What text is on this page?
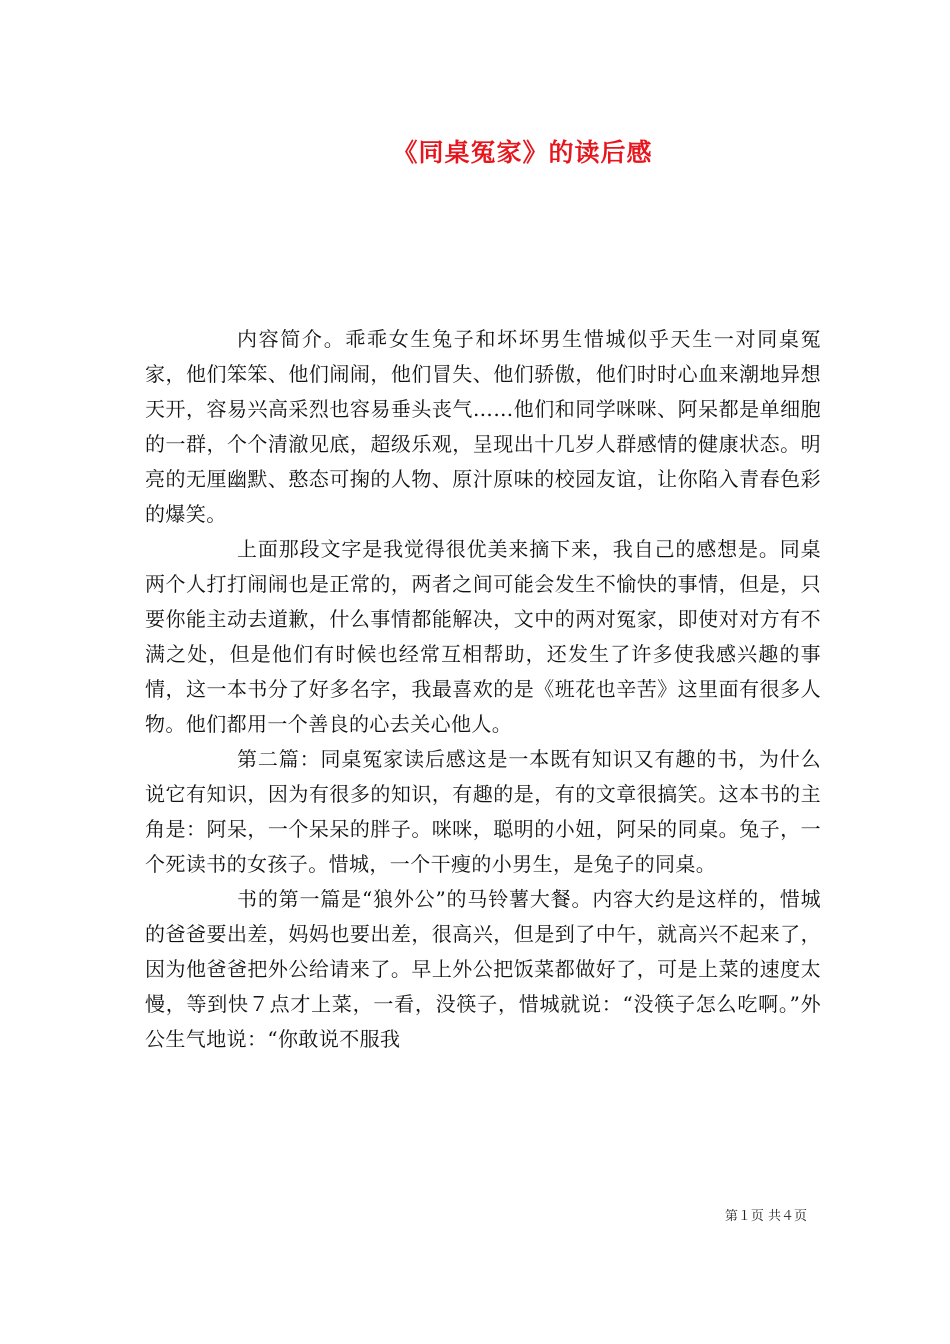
《同桌冤家》的读后感

内容简介。乖乖女生兔子和坏坏男生惜城似乎天生一对同桌冤家，他们笨笨、他们闹闹，他们冒失、他们骄傲，他们时时心血来潮地异想天开，容易兴高采烈也容易垂头丧气……他们和同学咪咪、阿呆都是单细胞的一群，个个清澈见底，超级乐观，呈现出十几岁人群感情的健康状态。明亮的无厘幽默、憨态可掬的人物、原汁原味的校园友谊，让你陷入青春色彩的爆笑。

上面那段文字是我觉得很优美来摘下来，我自己的感想是。同桌两个人打打闹闹也是正常的，两者之间可能会发生不愉快的事情，但是，只要你能主动去道歉，什么事情都能解决，文中的两对冤家，即使对对方有不满之处，但是他们有时候也经常互相帮助，还发生了许多使我感兴趣的事情，这一本书分了好多名字，我最喜欢的是《班花也辛苦》这里面有很多人物。他们都用一个善良的心去关心他人。

第二篇：同桌冤家读后感这是一本既有知识又有趣的书，为什么说它有知识，因为有很多的知识，有趣的是，有的文章很搞笑。这本书的主角是：阿呆，一个呆呆的胖子。咪咪，聪明的小妞，阿呆的同桌。兔子，一个死读书的女孩子。惜城，一个干瘦的小男生，是兔子的同桌。

书的第一篇是“狼外公”的马铃薯大餐。内容大约是这样的，惜城的爸爸要出差，妈妈也要出差，很高兴，但是到了中午，就高兴不起来了，因为他爸爸把外公给请来了。早上外公把饭菜都做好了，可是上菜的速度太慢，等到快７点才上菜，一看，没筷子，惜城就说：“没筷子怎么吃啊。”外公生气地说：“你敢说不服我

第１页 共４页
